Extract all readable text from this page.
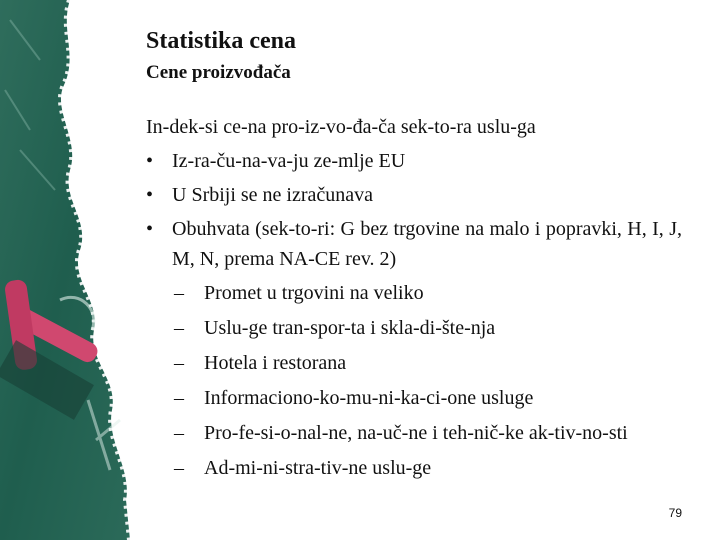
Statistika cena
Cene proizvođača
In-dek-si ce-na pro-iz-vo-đa-ča sek-to-ra uslu-ga
• Iz-ra-ču-na-va-ju ze-mlje EU
• U Srbiji se ne izračunava
• Obuhvata (sek-to-ri: G bez trgovine na malo i popravki, H, I, J, M, N, prema NA-CE rev. 2)
– Promet u trgovini na veliko
– Uslu-ge tran-spor-ta i skla-di-šte-nja
– Hotela i restorana
– Informaciono-ko-mu-ni-ka-ci-one usluge
– Pro-fe-si-o-nal-ne, na-uč-ne i teh-nič-ke ak-tiv-no-sti
– Ad-mi-ni-stra-tiv-ne uslu-ge
79
